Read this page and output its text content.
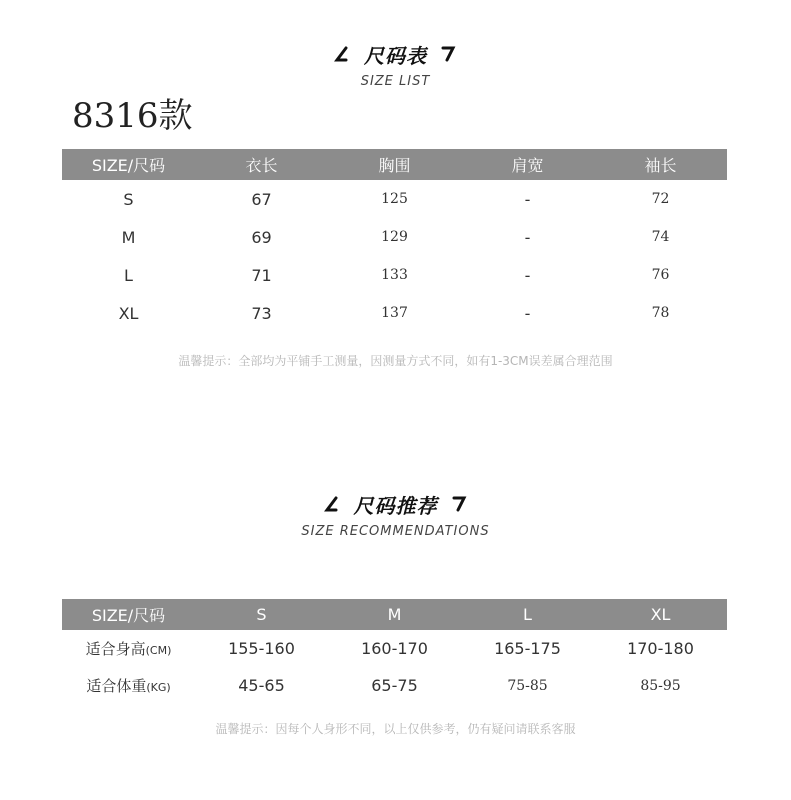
尺码表
SIZE LIST
8316款
SIZE/尺码	衣长	胸围	肩宽	袖长
S	67	125	-	72
M	69	129	-	74
L	71	133	-	76
XL	73	137	-	78
温馨提示：全部均为平铺手工测量，因测量方式不同，如有1-3CM误差属合理范围
尺码推荐
SIZE RECOMMENDATIONS
SIZE/尺码	S	M	L	XL
适合身高(CM)	155-160	160-170	165-175	170-180
适合体重(KG)	45-65	65-75	75-85	85-95
温馨提示：因每个人身形不同，以上仅供参考，仍有疑问请联系客服
